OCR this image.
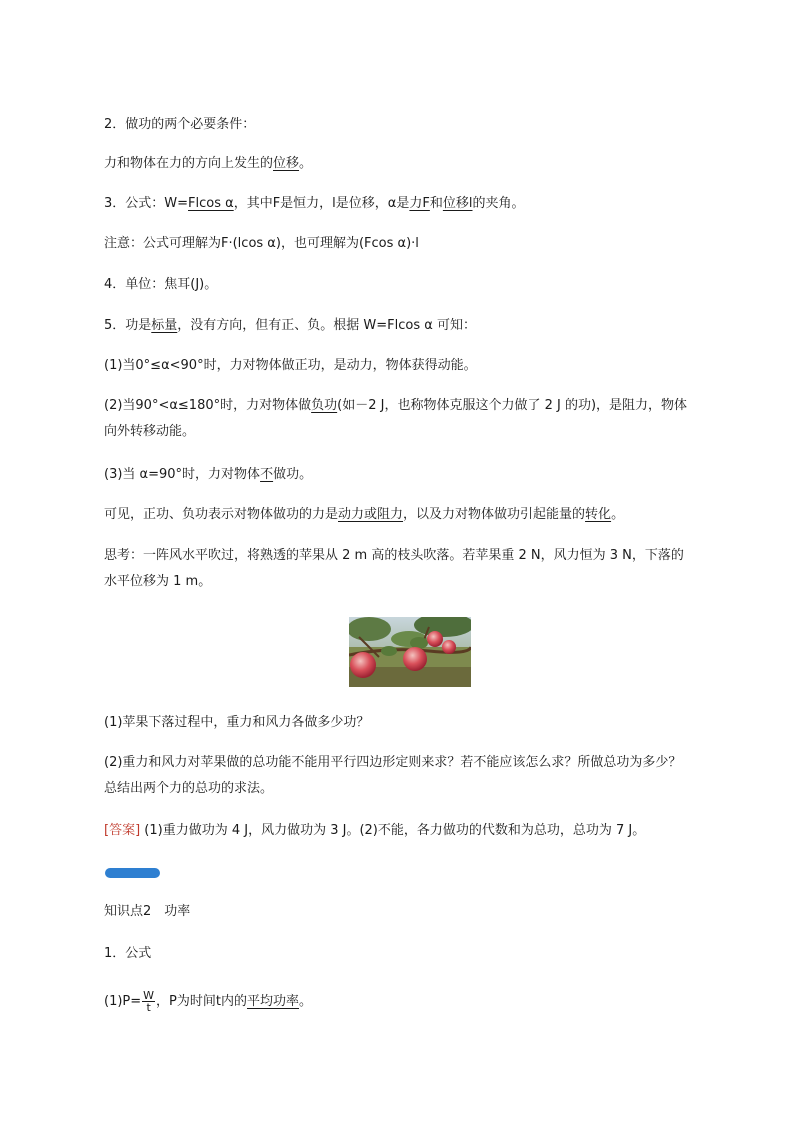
2．做功的两个必要条件：
力和物体在力的方向上发生的位移。
3．公式：W=Flcos α，其中F是恒力，l是位移，α是力F和位移l的夹角。
注意：公式可理解为F·(lcos α)，也可理解为(Fcos α)·l
4．单位：焦耳(J)。
5．功是标量，没有方向，但有正、负。根据 W=Flcos α 可知：
(1)当0°≤α<90°时，力对物体做正功，是动力，物体获得动能。
(2)当90°<α≤180°时，力对物体做负功(如－2 J，也称物体克服这个力做了 2 J 的功)，是阻力，物体向外转移动能。
(3)当 α=90°时，力对物体不做功。
可见，正功、负功表示对物体做功的力是动力或阻力，以及力对物体做功引起能量的转化。
思考：一阵风水平吹过，将熟透的苹果从 2 m 高的枝头吹落。若苹果重 2 N，风力恒为 3 N，下落的水平位移为 1 m。
(1)苹果下落过程中，重力和风力各做多少功？
(2)重力和风力对苹果做的总功能不能用平行四边形定则来求？若不能应该怎么求？所做总功为多少？总结出两个力的总功的求法。
[答案] (1)重力做功为 4 J，风力做功为 3 J。(2)不能，各力做功的代数和为总功，总功为 7 J。
知识点2　功率
1．公式
$(1)P= \frac{W}{t}$ ，P为时间t内的平均功率。
